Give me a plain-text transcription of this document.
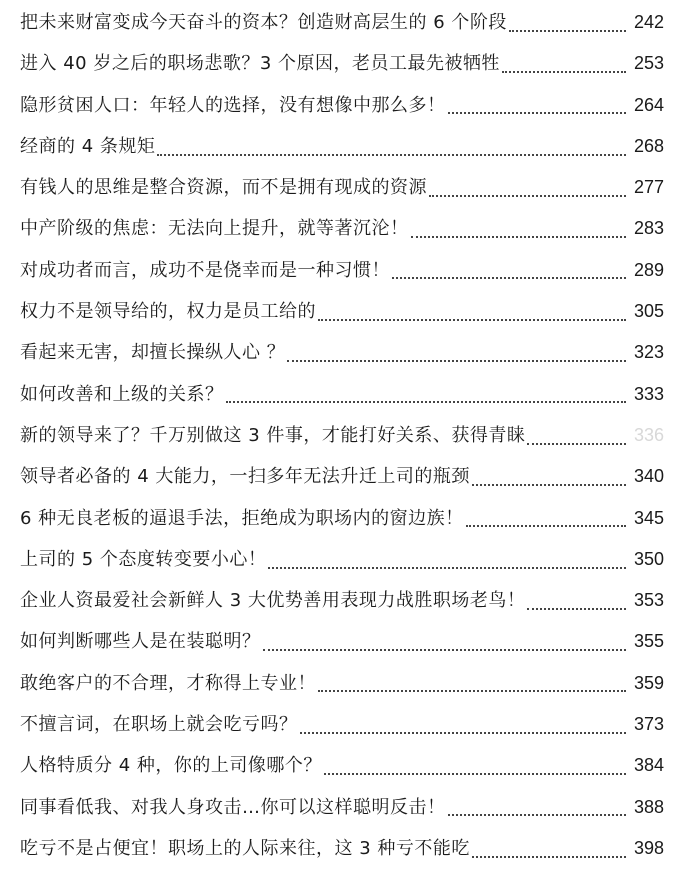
把未来财富变成今天奋斗的资本？创造财高层生的 6 个阶段	242
进入 40 岁之后的职场悲歌？3 个原因，老员工最先被牺牲	253
隐形贫困人口：年轻人的选择，没有想像中那么多！	264
经商的 4 条规矩	268
有钱人的思维是整合资源，而不是拥有现成的资源	277
中产阶级的焦虑：无法向上提升，就等著沉沦！	283
对成功者而言，成功不是侥幸而是一种习惯！	289
权力不是领导给的，权力是员工给的	305
看起来无害，却擅长操纵人心 ？	323
如何改善和上级的关系？	333
新的领导来了？千万别做这 3 件事，才能打好关系、获得青睐	336
领导者必备的 4 大能力，一扫多年无法升迁上司的瓶颈	340
6 种无良老板的逼退手法，拒绝成为职场内的窗边族！	345
上司的 5 个态度转变要小心！	350
企业人资最爱社会新鲜人 3 大优势善用表现力战胜职场老鸟！	353
如何判断哪些人是在装聪明？	355
敢绝客户的不合理，才称得上专业！	359
不擅言词，在职场上就会吃亏吗？	373
人格特质分 4 种，你的上司像哪个？	384
同事看低我、对我人身攻击…你可以这样聪明反击！	388
吃亏不是占便宜！职场上的人际来往，这 3 种亏不能吃	398
